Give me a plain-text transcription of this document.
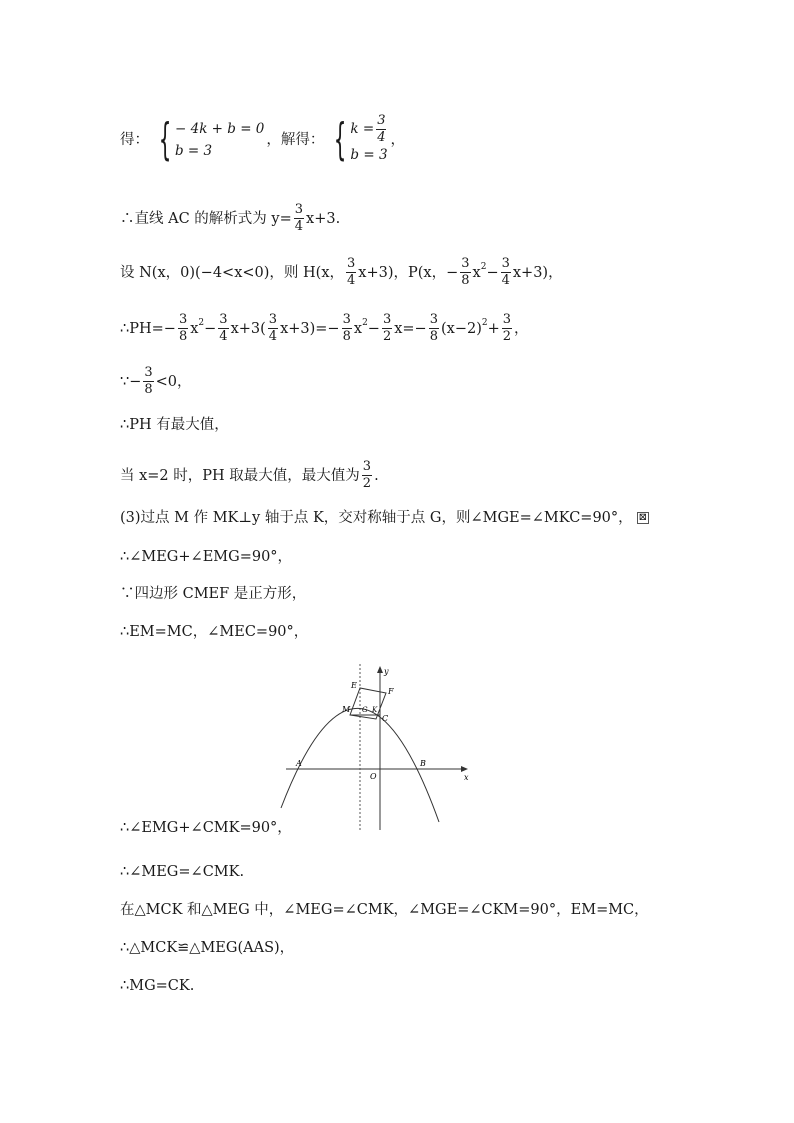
得： { − 4k + b = 0
b = 3
，解得： { $k = \frac{3}{4}$
b = 3
，
∴直线 AC 的解析式为 $y= \frac{3}{4} x+3$.
设 N(x，0)(−4<x<0)，则 H(x， $\frac{3}{4} x+3$)，P(x，− $\frac{3}{8}$ x $2 - \frac{3}{4} x+3$)，
∴PH=− $\frac{3}{8}$ x $2 - \frac{3}{4} x+3( \frac{3}{4} x+3)=- \frac{3}{8}$ x $2 - \frac{3}{2} x=- \frac{3}{8} (x-2) 2 + \frac{3}{2}$ ，
∵− $\frac{3}{8} <0$，
∴PH 有最大值，
当 x=2 时，PH 取最大值，最大值为 $\frac{3}{2}$ .
(3)过点 M 作 MK⊥y 轴于点 K，交对称轴于点 G，则∠MGE=∠MKC=90°， ⊠
∴∠MEG+∠EMG=90°，
∵四边形 CMEF 是正方形，
∴EM=MC，∠MEC=90°，
y
x
O
A	B
C
E
F
M G K
∴∠EMG+∠CMK=90°，
∴∠MEG=∠CMK.
在△MCK 和△MEG 中，∠MEG=∠CMK，∠MGE=∠CKM=90°，EM=MC，
∴△MCK≌△MEG(AAS)，
∴MG=CK.
